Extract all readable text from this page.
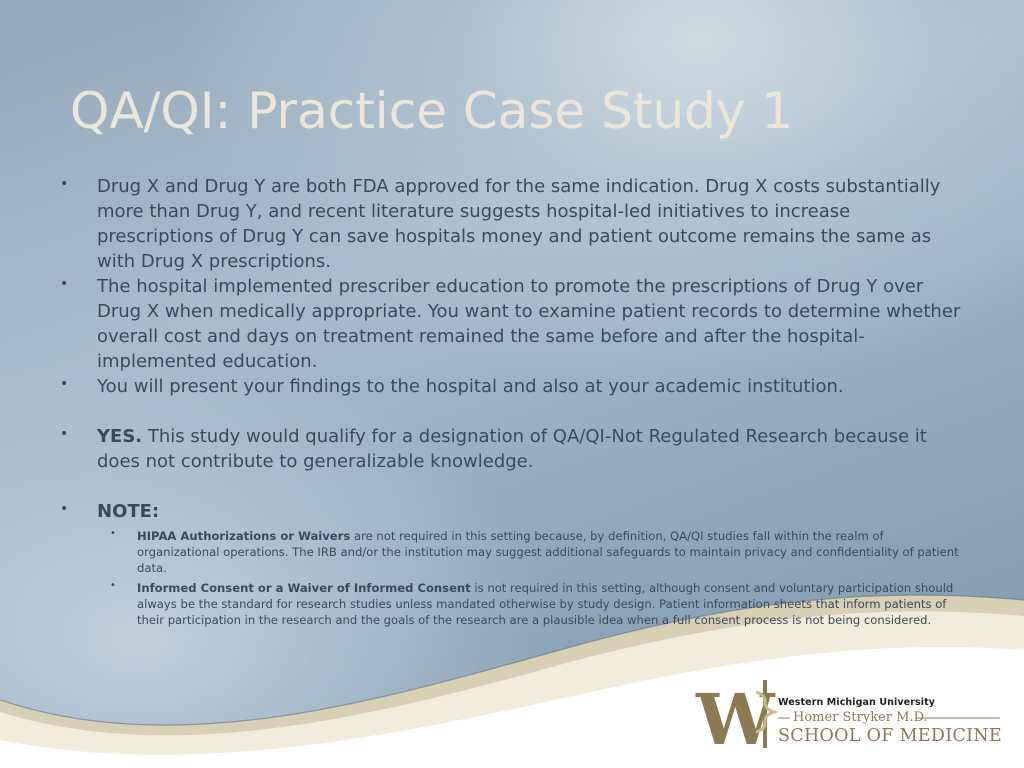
QA/QI: Practice Case Study 1
• Drug X and Drug Y are both FDA approved for the same indication. Drug X costs substantially more than Drug Y, and recent literature suggests hospital-led initiatives to increase prescriptions of Drug Y can save hospitals money and patient outcome remains the same as with Drug X prescriptions.
• The hospital implemented prescriber education to promote the prescriptions of Drug Y over Drug X when medically appropriate. You want to examine patient records to determine whether overall cost and days on treatment remained the same before and after the hospital-implemented education.
• You will present your findings to the hospital and also at your academic institution.
• YES. This study would qualify for a designation of QA/QI-Not Regulated Research because it does not contribute to generalizable knowledge.
• NOTE:
• HIPAA Authorizations or Waivers are not required in this setting because, by definition, QA/QI studies fall within the realm of organizational operations. The IRB and/or the institution may suggest additional safeguards to maintain privacy and confidentiality of patient data.
• Informed Consent or a Waiver of Informed Consent is not required in this setting, although consent and voluntary participation should always be the standard for research studies unless mandated otherwise by study design. Patient information sheets that inform patients of their participation in the research and the goals of the research are a plausible idea when a full consent process is not being considered.
W Western Michigan University
Homer Stryker M.D.
SCHOOL OF MEDICINE
